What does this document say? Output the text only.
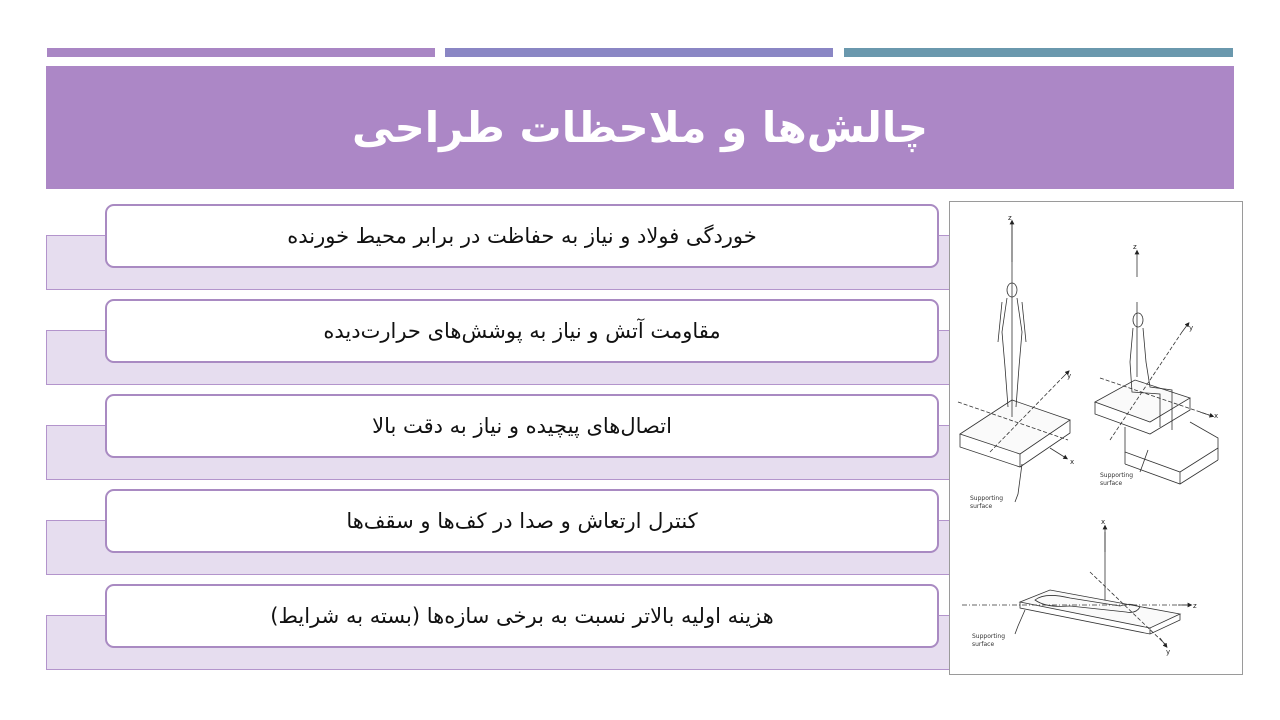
چالش‌ها و ملاحظات طراحی
خوردگی فولاد و نیاز به حفاظت در برابر محیط خورنده
مقاومت آتش و نیاز به پوشش‌های حرارت‌دیده
اتصال‌های پیچیده و نیاز به دقت بالا
کنترل ارتعاش و صدا در کف‌ها و سقف‌ها
هزینه اولیه بالاتر نسبت به برخی سازه‌ها (بسته به شرایط)
z
y
x
Supporting
surface
z
y
x
Supporting
surface
x
z
y
Supporting
surface
